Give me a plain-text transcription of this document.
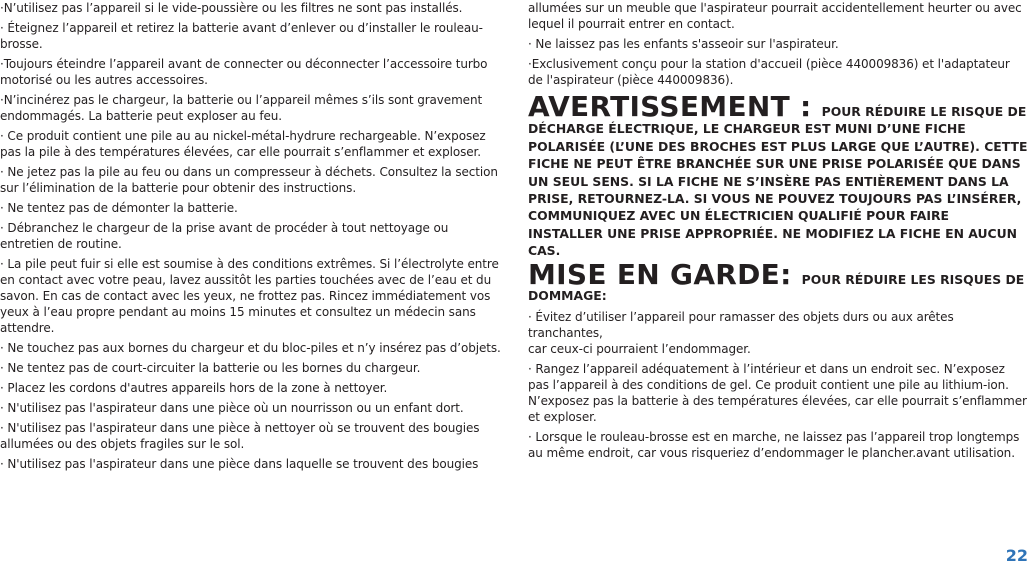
·N’utilisez pas l’appareil si le vide-poussière ou les filtres ne sont pas installés.

· Éteignez l’appareil et retirez la batterie avant d’enlever ou d’installer le rouleau-
brosse.

·Toujours éteindre l’appareil avant de connecter ou déconnecter l’accessoire turbo
motorisé ou les autres accessoires.

·N’incinérez pas le chargeur, la batterie ou l’appareil mêmes s’ils sont gravement
endommagés. La batterie peut exploser au feu.

· Ce produit contient une pile au au nickel-métal-hydrure rechargeable. N’exposez
pas la pile à des températures élevées, car elle pourrait s’enflammer et exploser.

· Ne jetez pas la pile au feu ou dans un compresseur à déchets. Consultez la section
sur l’élimination de la batterie pour obtenir des instructions.

· Ne tentez pas de démonter la batterie.

· Débranchez le chargeur de la prise avant de procéder à tout nettoyage ou
entretien de routine.

· La pile peut fuir si elle est soumise à des conditions extrêmes. Si l’électrolyte entre
en contact avec votre peau, lavez aussitôt les parties touchées avec de l’eau et du
savon. En cas de contact avec les yeux, ne frottez pas. Rincez immédiatement vos
yeux à l’eau propre pendant au moins 15 minutes et consultez un médecin sans
attendre.

· Ne touchez pas aux bornes du chargeur et du bloc-piles et n’y insérez pas d’objets.

· Ne tentez pas de court-circuiter la batterie ou les bornes du chargeur.

· Placez les cordons d'autres appareils hors de la zone à nettoyer.

· N'utilisez pas l'aspirateur dans une pièce où un nourrisson ou un enfant dort.

· N'utilisez pas l'aspirateur dans une pièce à nettoyer où se trouvent des bougies
allumées ou des objets fragiles sur le sol.

· N'utilisez pas l'aspirateur dans une pièce dans laquelle se trouvent des bougies

allumées sur un meuble que l'aspirateur pourrait accidentellement heurter ou avec
lequel il pourrait entrer en contact.

· Ne laissez pas les enfants s'asseoir sur l'aspirateur.

·Exclusivement conçu pour la station d'accueil (pièce 440009836) et l'adaptateur
de l'aspirateur (pièce 440009836).

AVERTISSEMENT : POUR RÉDUIRE LE RISQUE DE DÉCHARGE ÉLECTRIQUE, LE CHARGEUR EST MUNI D’UNE FICHE POLARISÉE (L’UNE DES BROCHES EST PLUS LARGE QUE L’AUTRE). CETTE FICHE NE PEUT ÊTRE BRANCHÉE SUR UNE PRISE POLARISÉE QUE DANS UN SEUL SENS. SI LA FICHE NE S’INSÈRE PAS ENTIÈREMENT DANS LA PRISE, RETOURNEZ-LA. SI VOUS NE POUVEZ TOUJOURS PAS L’INSÉRER, COMMUNIQUEZ AVEC UN ÉLECTRICIEN QUALIFIÉ POUR FAIRE INSTALLER UNE PRISE APPROPRIÉE. NE MODIFIEZ LA FICHE EN AUCUN CAS.
MISE EN GARDE: POUR RÉDUIRE LES RISQUES DE DOMMAGE:

· Évitez d’utiliser l’appareil pour ramasser des objets durs ou aux arêtes tranchantes,
car ceux-ci pourraient l’endommager.

· Rangez l’appareil adéquatement à l’intérieur et dans un endroit sec. N’exposez
pas l’appareil à des conditions de gel. Ce produit contient une pile au lithium-ion.
N’exposez pas la batterie à des températures élevées, car elle pourrait s’enflammer
et exploser.

· Lorsque le rouleau-brosse est en marche, ne laissez pas l’appareil trop longtemps
au même endroit, car vous risqueriez d’endommager le plancher.avant utilisation.

22
